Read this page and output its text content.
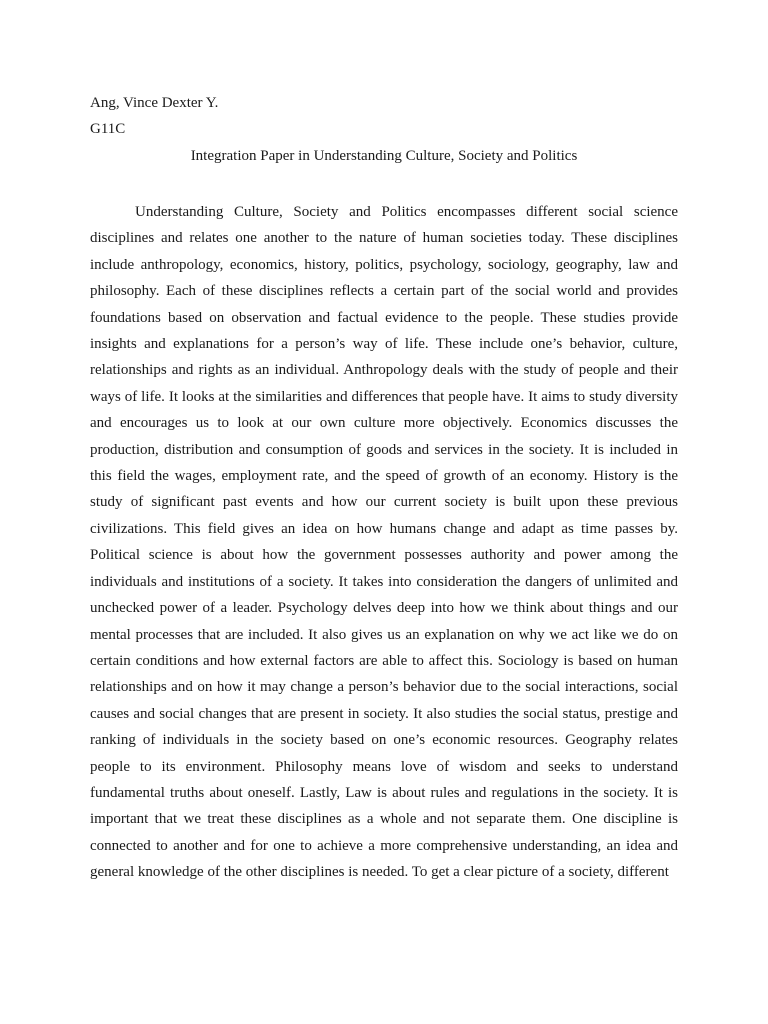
Ang, Vince Dexter Y.
G11C
Integration Paper in Understanding Culture, Society and Politics

Understanding Culture, Society and Politics encompasses different social science disciplines and relates one another to the nature of human societies today. These disciplines include anthropology, economics, history, politics, psychology, sociology, geography, law and philosophy. Each of these disciplines reflects a certain part of the social world and provides foundations based on observation and factual evidence to the people. These studies provide insights and explanations for a person’s way of life. These include one’s behavior, culture, relationships and rights as an individual. Anthropology deals with the study of people and their ways of life. It looks at the similarities and differences that people have. It aims to study diversity and encourages us to look at our own culture more objectively. Economics discusses the production, distribution and consumption of goods and services in the society. It is included in this field the wages, employment rate, and the speed of growth of an economy. History is the study of significant past events and how our current society is built upon these previous civilizations. This field gives an idea on how humans change and adapt as time passes by. Political science is about how the government possesses authority and power among the individuals and institutions of a society. It takes into consideration the dangers of unlimited and unchecked power of a leader. Psychology delves deep into how we think about things and our mental processes that are included. It also gives us an explanation on why we act like we do on certain conditions and how external factors are able to affect this. Sociology is based on human relationships and on how it may change a person’s behavior due to the social interactions, social causes and social changes that are present in society. It also studies the social status, prestige and ranking of individuals in the society based on one’s economic resources. Geography relates people to its environment. Philosophy means love of wisdom and seeks to understand fundamental truths about oneself. Lastly, Law is about rules and regulations in the society. It is important that we treat these disciplines as a whole and not separate them. One discipline is connected to another and for one to achieve a more comprehensive understanding, an idea and general knowledge of the other disciplines is needed. To get a clear picture of a society, different
